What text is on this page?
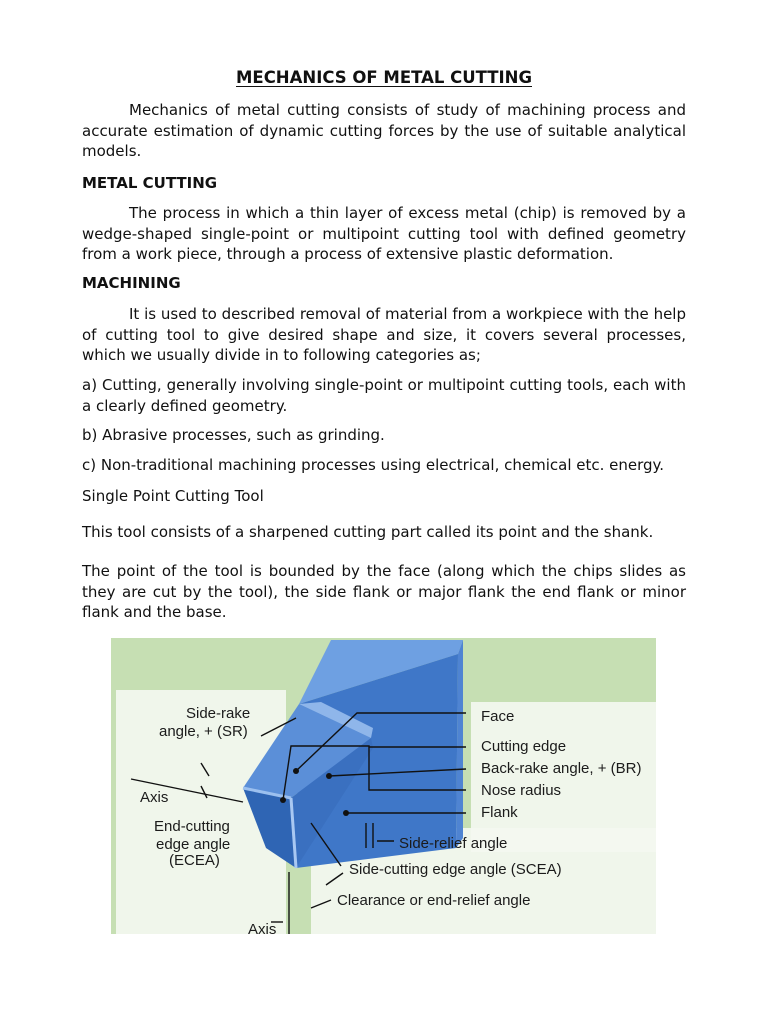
MECHANICS OF METAL CUTTING
Mechanics of metal cutting consists of study of machining process and accurate estimation of dynamic cutting forces by the use of suitable analytical models.
METAL CUTTING
The process in which a thin layer of excess metal (chip) is removed by a wedge-shaped single-point or multipoint cutting tool with defined geometry from a work piece, through a process of extensive plastic deformation.
MACHINING
It is used to described removal of material from a workpiece with the help of cutting tool to give desired shape and size, it covers several processes, which we usually divide in to following categories as;
a) Cutting, generally involving single-point or multipoint cutting tools, each with a clearly defined geometry.
b) Abrasive processes, such as grinding.
c) Non-traditional machining processes using electrical, chemical etc. energy.
Single Point Cutting Tool
This tool consists of a sharpened cutting part called its point and the shank.
The point of the tool is bounded by the face (along which the chips slides as they are cut by the tool), the side flank or major flank the end flank or minor flank and the base.
Side-rake
angle, + (SR)
Axis
End-cutting
edge angle
(ECEA)
Axis
Face
Cutting edge
Back-rake angle, + (BR)
Nose radius
Flank
Side-relief angle
Side-cutting edge angle (SCEA)
Clearance or end-relief angle
